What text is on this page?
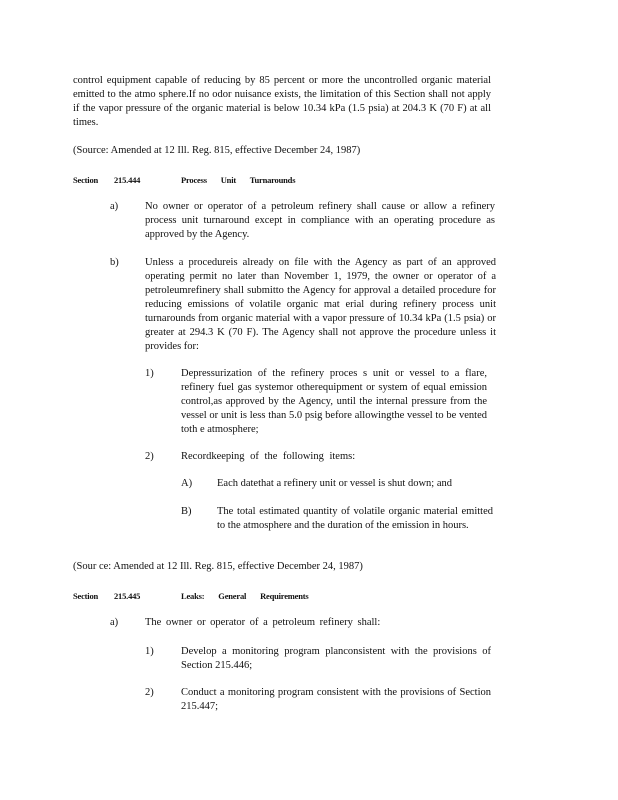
control equipment capable of reducing by 85 percent or more the uncontrolled organic material emitted to the atmo sphere.If no odor nuisance exists, the limitation of this Section shall not apply if the vapor pressure of the organic material is below 10.34 kPa (1.5 psia) at 204.3 K (70 F) at all times.

(Source: Amended at 12 Ill. Reg. 815, effective December 24, 1987)

Section 215.444	Process Unit Turnarounds
a)	No owner or operator of a petroleum refinery shall cause or allow a refinery process unit turnaround except in compliance with an operating procedure as approved by the Agency.

b)	Unless a procedureis already on file with the Agency as part of an approved operating permit no later than November 1, 1979, the owner or operator of a petroleumrefinery shall submitto the Agency for approval a detailed procedure for reducing emissions of volatile organic mat erial during refinery process unit turnarounds from organic material with a vapor pressure of 10.34 kPa (1.5 psia) or greater at 294.3 K (70 F). The Agency shall not approve the procedure unless it provides for:

1)	Depressurization of the refinery proces s unit or vessel to a flare, refinery fuel gas systemor otherequipment or system of equal emission control,as approved by the Agency, until the internal pressure from the vessel or unit is less than 5.0 psig before allowingthe vessel to be vented toth e atmosphere;

2)	Recordkeeping of the following items:

A) Each datethat a refinery unit or vessel is shut down; and

B) The total estimated quantity of volatile organic material emitted to the atmosphere and the duration of the emission in hours.

(Sour ce: Amended at 12 Ill. Reg. 815, effective December 24, 1987)

Section 215.445	Leaks: General Requirements
a)	The owner or operator of a petroleum refinery shall:

1)	Develop a monitoring program planconsistent with the provisions of Section 215.446;

2)	Conduct a monitoring program consistent with the provisions of Section 215.447;
